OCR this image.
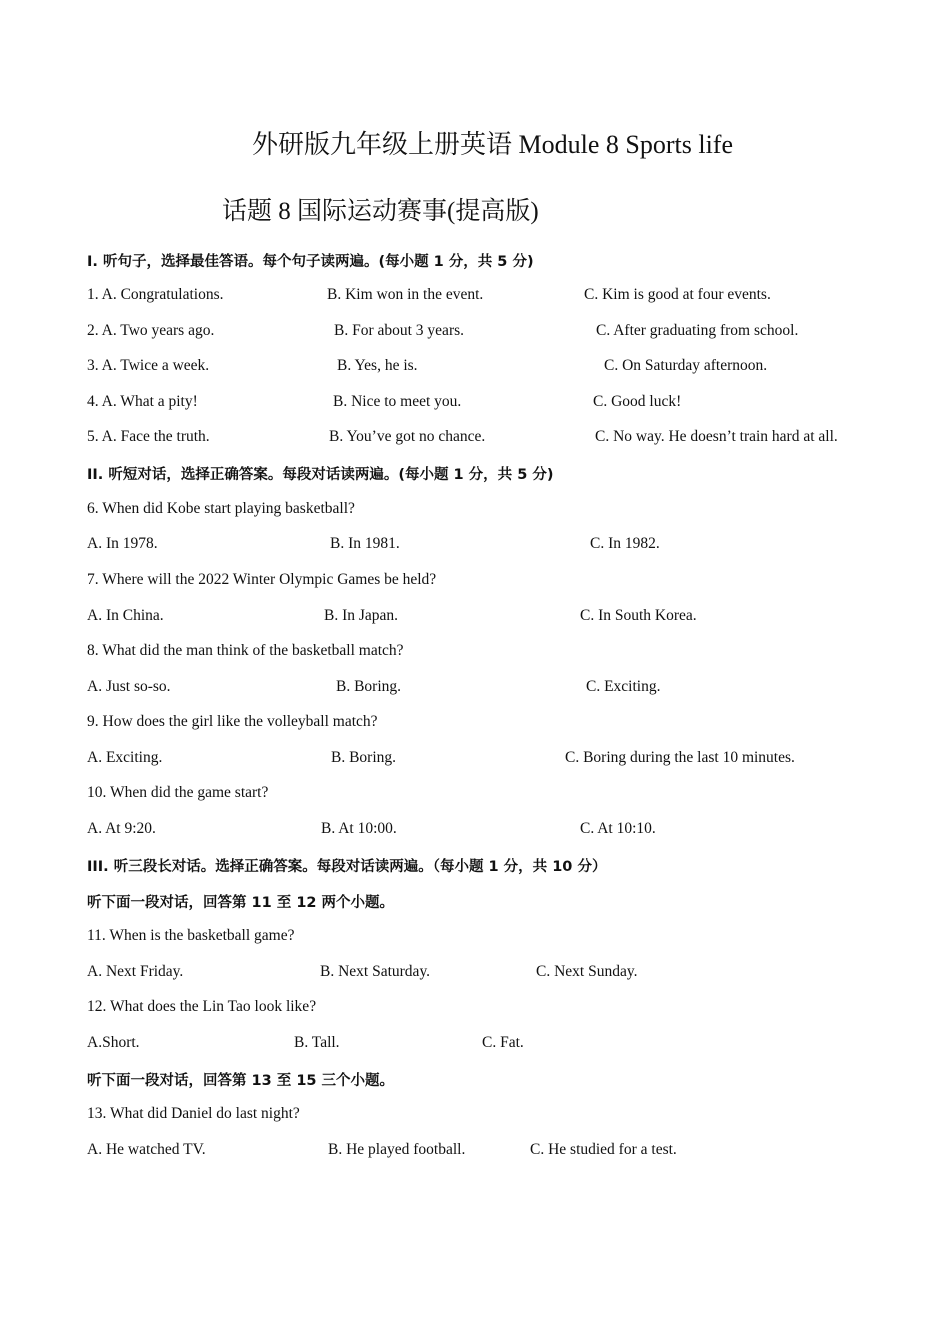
外研版九年级上册英语 Module 8 Sports life
话题 8 国际运动赛事(提高版)
I. 听句子，选择最佳答语。每个句子读两遍。(每小题 1 分，共 5 分)
1. A. Congratulations.	B. Kim won in the event.	C. Kim is good at four events.
2. A. Two years ago.	B. For about 3 years.	C. After graduating from school.
3. A. Twice a week.	B. Yes, he is.	C. On Saturday afternoon.
4. A. What a pity!	B. Nice to meet you.	C. Good luck!
5. A. Face the truth.	B. You’ve got no chance.	C. No way. He doesn’t train hard at all.
II. 听短对话，选择正确答案。每段对话读两遍。(每小题 1 分，共 5 分)
6. When did Kobe start playing basketball?
A. In 1978.	B. In 1981.	C. In 1982.
7. Where will the 2022 Winter Olympic Games be held?
A. In China.	B. In Japan.	C. In South Korea.
8. What did the man think of the basketball match?
A. Just so-so.	B. Boring.	C. Exciting.
9. How does the girl like the volleyball match?
A. Exciting.	B. Boring.	C. Boring during the last 10 minutes.
10. When did the game start?
A. At 9:20.	B. At 10:00.	C. At 10:10.
III. 听三段长对话。选择正确答案。每段对话读两遍。（每小题 1 分，共 10 分）
听下面一段对话，回答第 11 至 12 两个小题。
11. When is the basketball game?
A. Next Friday.	B. Next Saturday.	C. Next Sunday.
12. What does the Lin Tao look like?
A.Short.	B. Tall.	C. Fat.
听下面一段对话，回答第 13 至 15 三个小题。
13. What did Daniel do last night?
A. He watched TV.	B. He played football.	C. He studied for a test.
